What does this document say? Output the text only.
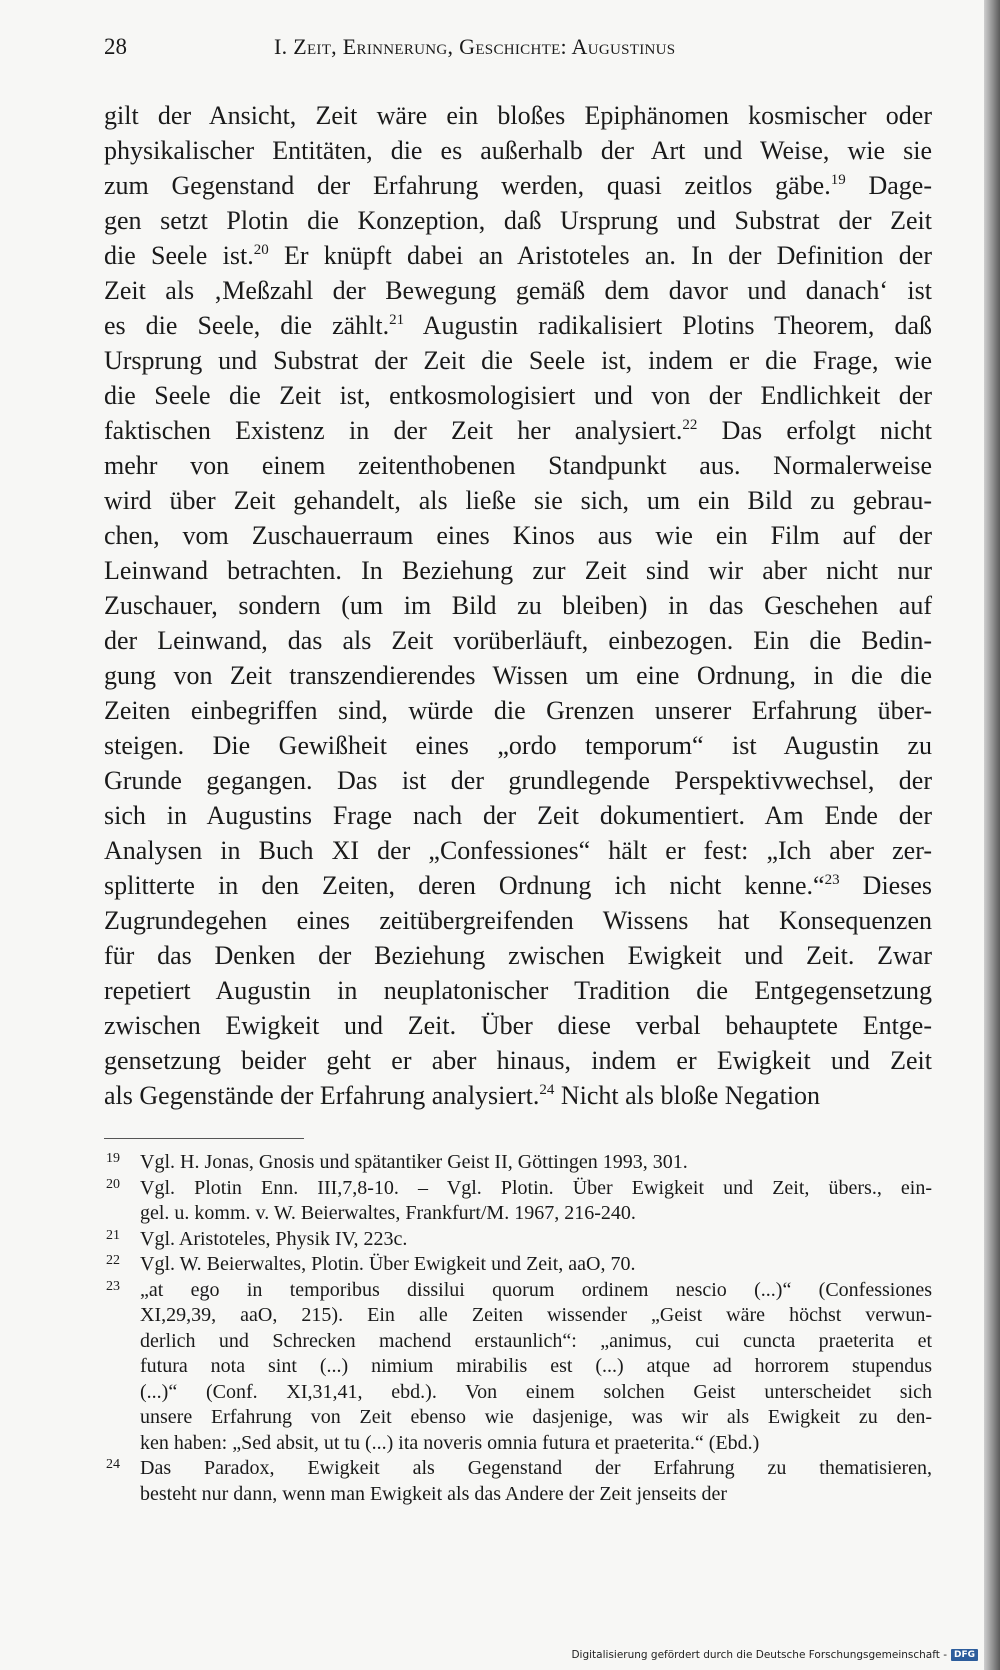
28	I. Zeit, Erinnerung, Geschichte: Augustinus
gilt der Ansicht, Zeit wäre ein bloßes Epiphänomen kosmischer oder
physikalischer Entitäten, die es außerhalb der Art und Weise, wie sie
zum Gegenstand der Erfahrung werden, quasi zeitlos gäbe.$^{19}$ Dage-
gen setzt Plotin die Konzeption, daß Ursprung und Substrat der Zeit
die Seele ist.$^{20}$ Er knüpft dabei an Aristoteles an. In der Definition der
Zeit als ‚Meßzahl der Bewegung gemäß dem davor und danach‘ ist
es die Seele, die zählt.$^{21}$ Augustin radikalisiert Plotins Theorem, daß
Ursprung und Substrat der Zeit die Seele ist, indem er die Frage, wie
die Seele die Zeit ist, entkosmologisiert und von der Endlichkeit der
faktischen Existenz in der Zeit her analysiert.$^{22}$ Das erfolgt nicht
mehr von einem zeitenthobenen Standpunkt aus. Normalerweise
wird über Zeit gehandelt, als ließe sie sich, um ein Bild zu gebrau-
chen, vom Zuschauerraum eines Kinos aus wie ein Film auf der
Leinwand betrachten. In Beziehung zur Zeit sind wir aber nicht nur
Zuschauer, sondern (um im Bild zu bleiben) in das Geschehen auf
der Leinwand, das als Zeit vorüberläuft, einbezogen. Ein die Bedin-
gung von Zeit transzendierendes Wissen um eine Ordnung, in die die
Zeiten einbegriffen sind, würde die Grenzen unserer Erfahrung über-
steigen. Die Gewißheit eines „ordo temporum“ ist Augustin zu
Grunde gegangen. Das ist der grundlegende Perspektivwechsel, der
sich in Augustins Frage nach der Zeit dokumentiert. Am Ende der
Analysen in Buch XI der „Confessiones“ hält er fest: „Ich aber zer-
splitterte in den Zeiten, deren Ordnung ich nicht kenne.“$^{23}$ Dieses
Zugrundegehen eines zeitübergreifenden Wissens hat Konsequenzen
für das Denken der Beziehung zwischen Ewigkeit und Zeit. Zwar
repetiert Augustin in neuplatonischer Tradition die Entgegensetzung
zwischen Ewigkeit und Zeit. Über diese verbal behauptete Entge-
gensetzung beider geht er aber hinaus, indem er Ewigkeit und Zeit
als Gegenstände der Erfahrung analysiert.$^{24}$ Nicht als bloße Negation
19 Vgl. H. Jonas, Gnosis und spätantiker Geist II, Göttingen 1993, 301.
20 Vgl. Plotin Enn. III,7,8-10. – Vgl. Plotin. Über Ewigkeit und Zeit, übers., ein-
gel. u. komm. v. W. Beierwaltes, Frankfurt/M. 1967, 216-240.
21 Vgl. Aristoteles, Physik IV, 223c.
22 Vgl. W. Beierwaltes, Plotin. Über Ewigkeit und Zeit, aaO, 70.
23 „at ego in temporibus dissilui quorum ordinem nescio (...)“ (Confessiones
XI,29,39, aaO, 215). Ein alle Zeiten wissender „Geist wäre höchst verwun-
derlich und Schrecken machend erstaunlich“: „animus, cui cuncta praeterita et
futura nota sint (...) nimium mirabilis est (...) atque ad horrorem stupendus
(...)“ (Conf. XI,31,41, ebd.). Von einem solchen Geist unterscheidet sich
unsere Erfahrung von Zeit ebenso wie dasjenige, was wir als Ewigkeit zu den-
ken haben: „Sed absit, ut tu (...) ita noveris omnia futura et praeterita.“ (Ebd.)
24 Das Paradox, Ewigkeit als Gegenstand der Erfahrung zu thematisieren,
besteht nur dann, wenn man Ewigkeit als das Andere der Zeit jenseits der
Digitalisierung gefördert durch die Deutsche Forschungsgemeinschaft - DFG
